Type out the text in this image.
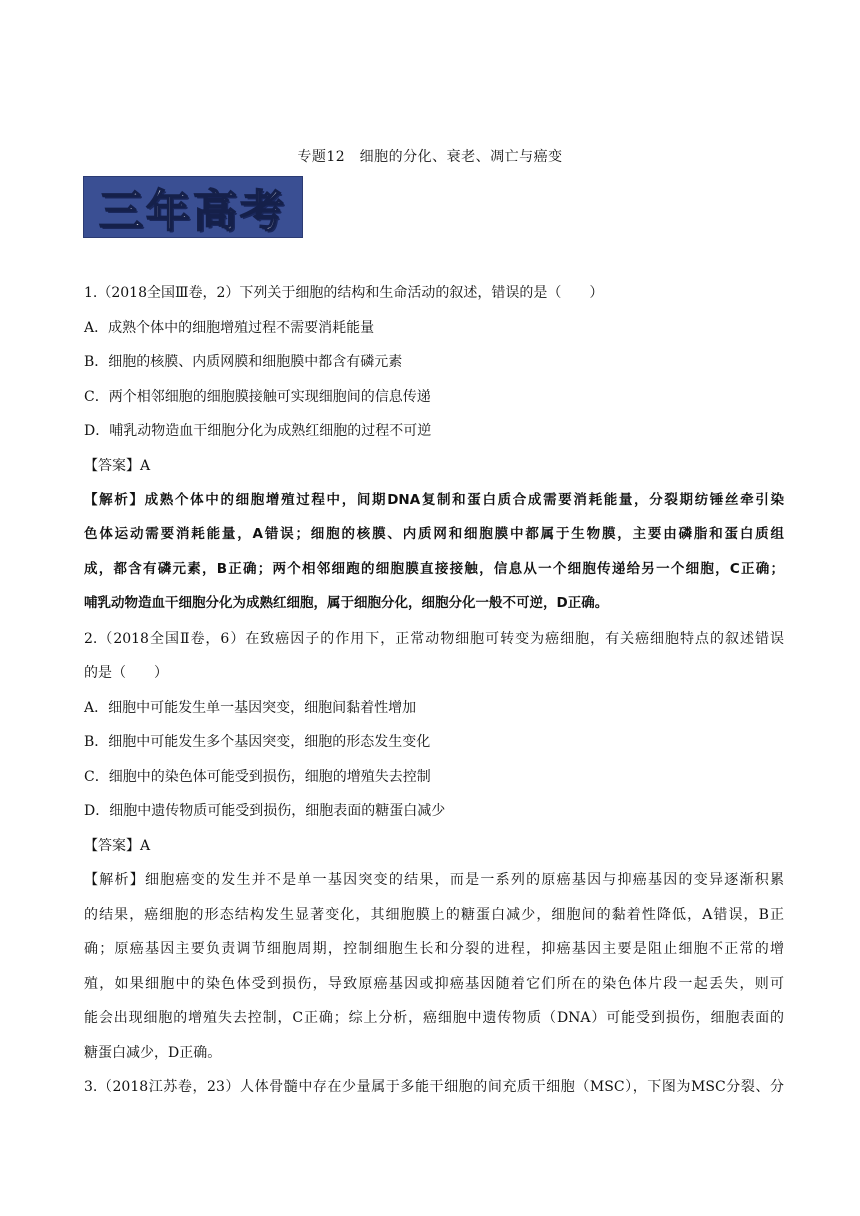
专题12　细胞的分化、衰老、凋亡与癌变
三年高考
1.（2018全国Ⅲ卷，2）下列关于细胞的结构和生命活动的叙述，错误的是（　　）
A．成熟个体中的细胞增殖过程不需要消耗能量
B．细胞的核膜、内质网膜和细胞膜中都含有磷元素
C．两个相邻细胞的细胞膜接触可实现细胞间的信息传递
D．哺乳动物造血干细胞分化为成熟红细胞的过程不可逆
【答案】A
【解析】成熟个体中的细胞增殖过程中，间期DNA复制和蛋白质合成需要消耗能量，分裂期纺锤丝牵引染
色体运动需要消耗能量，A错误；细胞的核膜、内质网和细胞膜中都属于生物膜，主要由磷脂和蛋白质组
成，都含有磷元素，B正确；两个相邻细跑的细胞膜直接接触，信息从一个细胞传递给另一个细胞，C正确；
哺乳动物造血干细胞分化为成熟红细胞，属于细胞分化，细胞分化一般不可逆，D正确。
2.（2018全国Ⅱ卷，6）在致癌因子的作用下，正常动物细胞可转变为癌细胞，有关癌细胞特点的叙述错误
的是（　　）
A．细胞中可能发生单一基因突变，细胞间黏着性增加
B．细胞中可能发生多个基因突变，细胞的形态发生变化
C．细胞中的染色体可能受到损伤，细胞的增殖失去控制
D．细胞中遗传物质可能受到损伤，细胞表面的糖蛋白减少
【答案】A
【解析】细胞癌变的发生并不是单一基因突变的结果，而是一系列的原癌基因与抑癌基因的变异逐渐积累
的结果，癌细胞的形态结构发生显著变化，其细胞膜上的糖蛋白减少，细胞间的黏着性降低，A错误，B正
确；原癌基因主要负责调节细胞周期，控制细胞生长和分裂的进程，抑癌基因主要是阻止细胞不正常的增
殖，如果细胞中的染色体受到损伤，导致原癌基因或抑癌基因随着它们所在的染色体片段一起丢失，则可
能会出现细胞的增殖失去控制，C正确；综上分析，癌细胞中遗传物质（DNA）可能受到损伤，细胞表面的
糖蛋白减少，D正确。
3.（2018江苏卷，23）人体骨髓中存在少量属于多能干细胞的间充质干细胞（MSC），下图为MSC分裂、分
